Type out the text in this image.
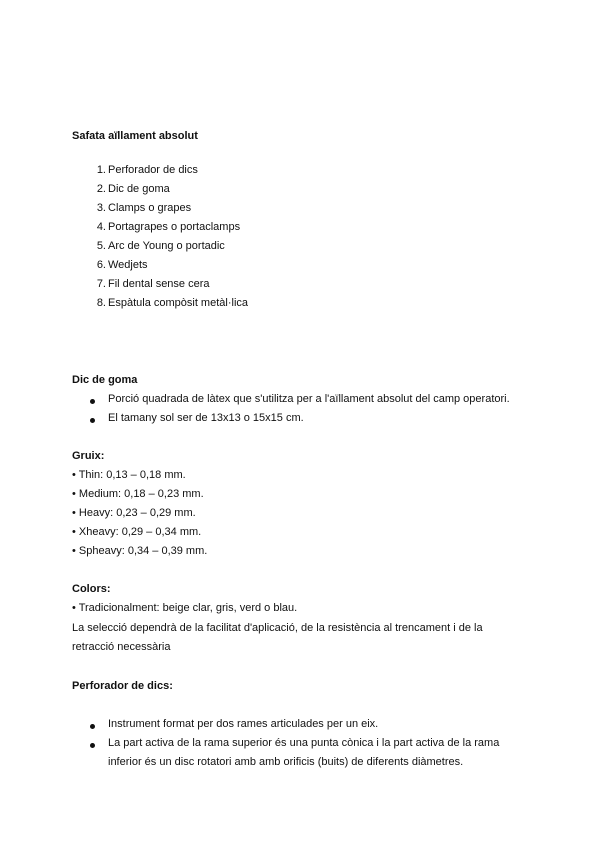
Safata aïllament absolut
1. Perforador de dics
2. Dic de goma
3. Clamps o grapes
4. Portagrapes o portaclamps
5. Arc de Young o portadic
6. Wedjets
7. Fil dental sense cera
8. Espàtula compòsit metàl·lica
Dic de goma
Porció quadrada de làtex que s'utilitza per a l'aïllament absolut del camp operatori.
El tamany sol ser de 13x13 o 15x15 cm.
Gruix:
• Thin: 0,13 – 0,18 mm.
• Medium: 0,18 – 0,23 mm.
• Heavy: 0,23 – 0,29 mm.
• Xheavy: 0,29 – 0,34 mm.
• Spheavy: 0,34 – 0,39 mm.
Colors:
• Tradicionalment: beige clar, gris, verd o blau.
La selecció dependrà de la facilitat d'aplicació, de la resistència al trencament i de la
retracció necessària
Perforador de dics:
Instrument format per dos rames articulades per un eix.
La part activa de la rama superior és una punta cònica i la part activa de la rama
inferior és un disc rotatori amb amb orificis (buits) de diferents diàmetres.
